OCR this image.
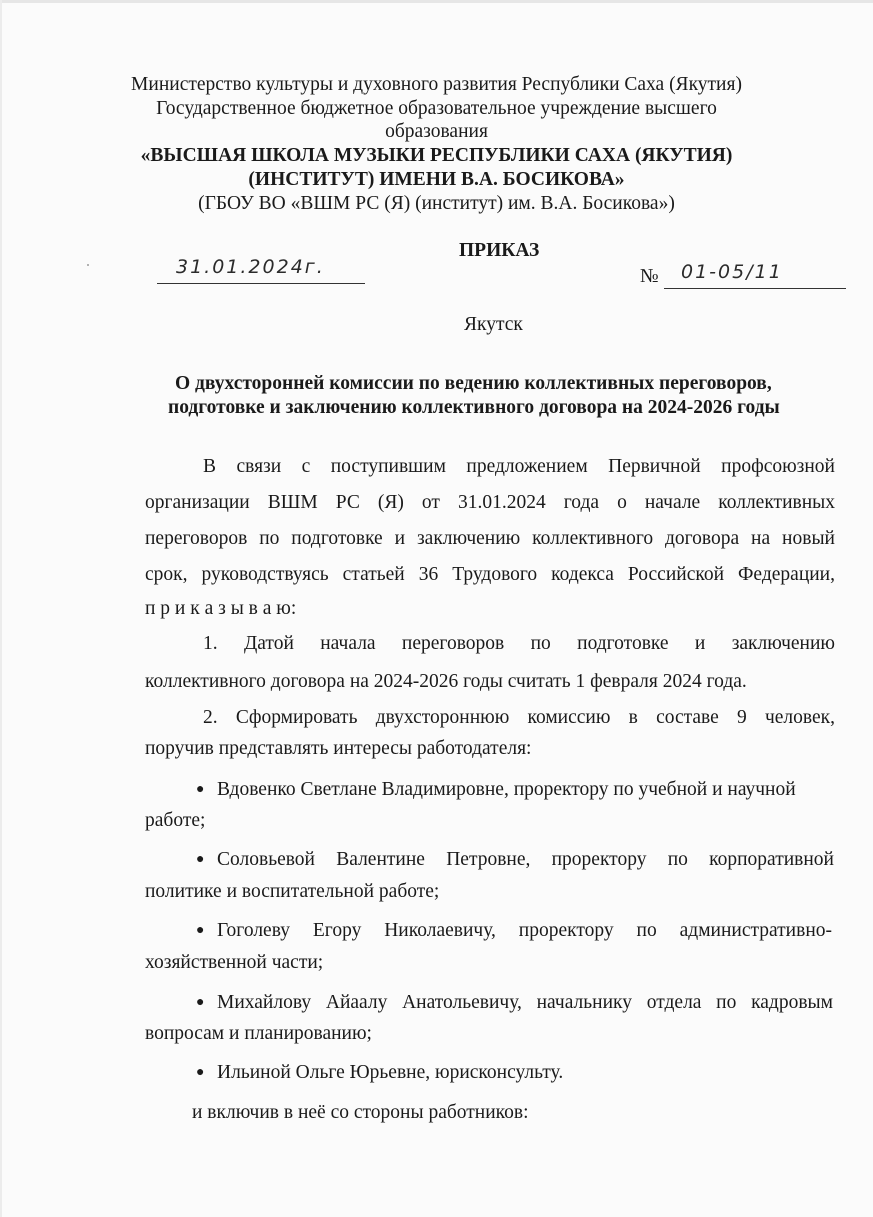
Министерство культуры и духовного развития Республики Саха (Якутия)
Государственное бюджетное образовательное учреждение высшего
образования
«ВЫСШАЯ ШКОЛА МУЗЫКИ РЕСПУБЛИКИ САХА (ЯКУТИЯ)
(ИНСТИТУТ) ИМЕНИ В.А. БОСИКОВА»
(ГБОУ ВО «ВШМ РС (Я) (институт) им. В.А. Босикова»)
ПРИКАЗ
31.01.2024г.	№ 01-05/11
Якутск
О двухсторонней комиссии по ведению коллективных переговоров,
подготовке и заключению коллективного договора на 2024-2026 годы
В связи с поступившим предложением Первичной профсоюзной
организации ВШМ РС (Я) от 31.01.2024 года о начале коллективных
переговоров по подготовке и заключению коллективного договора на новый
срок, руководствуясь статьей 36 Трудового кодекса Российской Федерации,
п р и к а з ы в а ю:
1. Датой начала переговоров по подготовке и заключению
коллективного договора на 2024-2026 годы считать 1 февраля 2024 года.
2. Сформировать двухстороннюю комиссию в составе 9 человек,
поручив представлять интересы работодателя:
● Вдовенко Светлане Владимировне, проректору по учебной и научной
работе;
● Соловьевой Валентине Петровне, проректору по корпоративной
политике и воспитательной работе;
● Гоголеву Егору Николаевичу, проректору по административно-
хозяйственной части;
● Михайлову Айаалу Анатольевичу, начальнику отдела по кадровым
вопросам и планированию;
● Ильиной Ольге Юрьевне, юрисконсульту.
и включив в неё со стороны работников:
